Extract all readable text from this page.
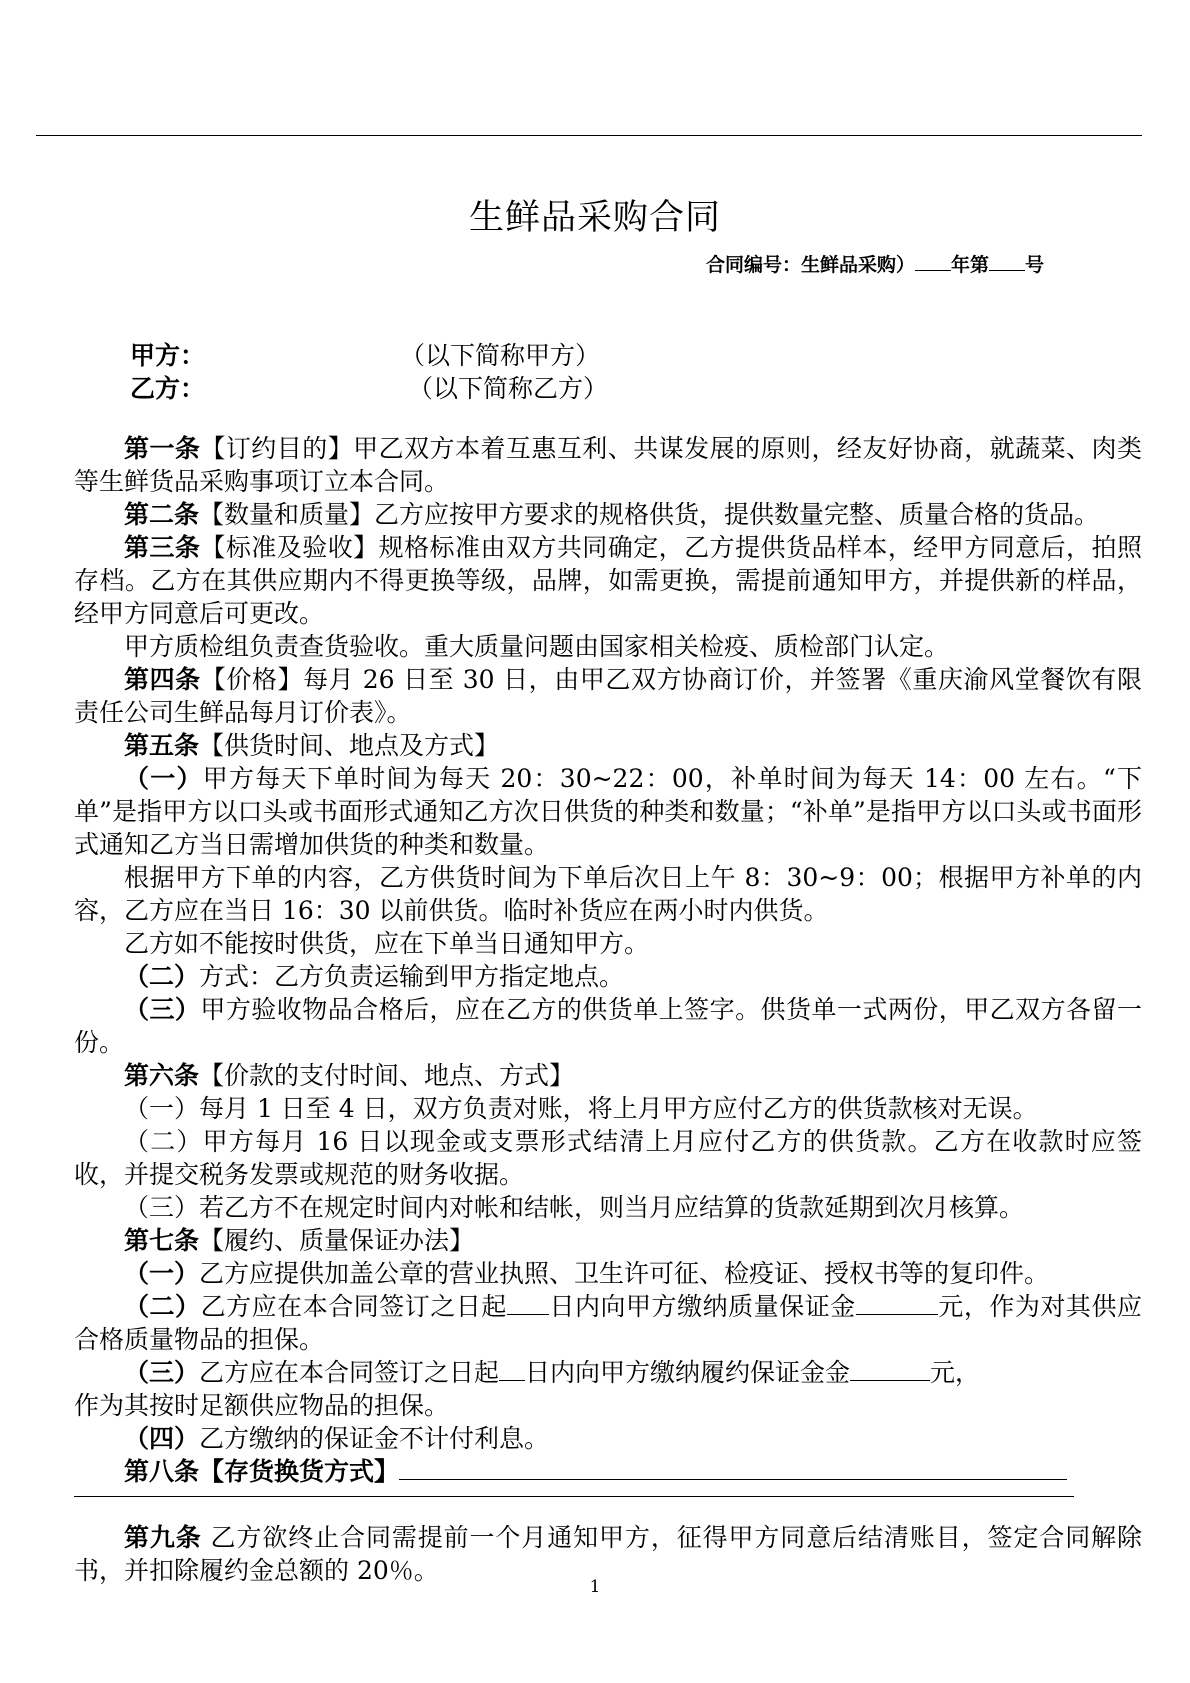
生鲜品采购合同
合同编号：生鲜品采购） 年第 号
甲方：	（以下简称甲方）
乙方：	（以下简称乙方）

第一条【订约目的】甲乙双方本着互惠互利、共谋发展的原则，经友好协商，就蔬菜、肉类等生鲜货品采购事项订立本合同。

第二条【数量和质量】乙方应按甲方要求的规格供货，提供数量完整、质量合格的货品。

第三条【标准及验收】规格标准由双方共同确定，乙方提供货品样本，经甲方同意后，拍照存档。乙方在其供应期内不得更换等级，品牌，如需更换，需提前通知甲方，并提供新的样品，经甲方同意后可更改。

甲方质检组负责查货验收。重大质量问题由国家相关检疫、质检部门认定。

第四条【价格】每月 26 日至 30 日，由甲乙双方协商订价，并签署《重庆渝风堂餐饮有限责任公司生鲜品每月订价表》。

第五条【供货时间、地点及方式】

（一）甲方每天下单时间为每天 20：30~22：00，补单时间为每天 14：00 左右。“下单”是指甲方以口头或书面形式通知乙方次日供货的种类和数量；“补单”是指甲方以口头或书面形式通知乙方当日需增加供货的种类和数量。

根据甲方下单的内容，乙方供货时间为下单后次日上午 8：30~9：00；根据甲方补单的内容，乙方应在当日 16：30 以前供货。临时补货应在两小时内供货。

乙方如不能按时供货，应在下单当日通知甲方。

（二）方式：乙方负责运输到甲方指定地点。

（三）甲方验收物品合格后，应在乙方的供货单上签字。供货单一式两份，甲乙双方各留一份。

第六条【价款的支付时间、地点、方式】

（一）每月 1 日至 4 日，双方负责对账，将上月甲方应付乙方的供货款核对无误。

（二）甲方每月 16 日以现金或支票形式结清上月应付乙方的供货款。乙方在收款时应签收，并提交税务发票或规范的财务收据。

（三）若乙方不在规定时间内对帐和结帐，则当月应结算的货款延期到次月核算。

第七条【履约、质量保证办法】

（一）乙方应提供加盖公章的营业执照、卫生许可征、检疫证、授权书等的复印件。

（二）乙方应在本合同签订之日起 日内向甲方缴纳质量保证金	元，作为对其供应合格质量物品的担保。

（三）乙方应在本合同签订之日起 日内向甲方缴纳履约保证金金	元，

作为其按时足额供应物品的担保。

（四）乙方缴纳的保证金不计付利息。

第八条【存货换货方式】

第九条 乙方欲终止合同需提前一个月通知甲方，征得甲方同意后结清账目，签定合同解除书，并扣除履约金总额的 20％。

1
